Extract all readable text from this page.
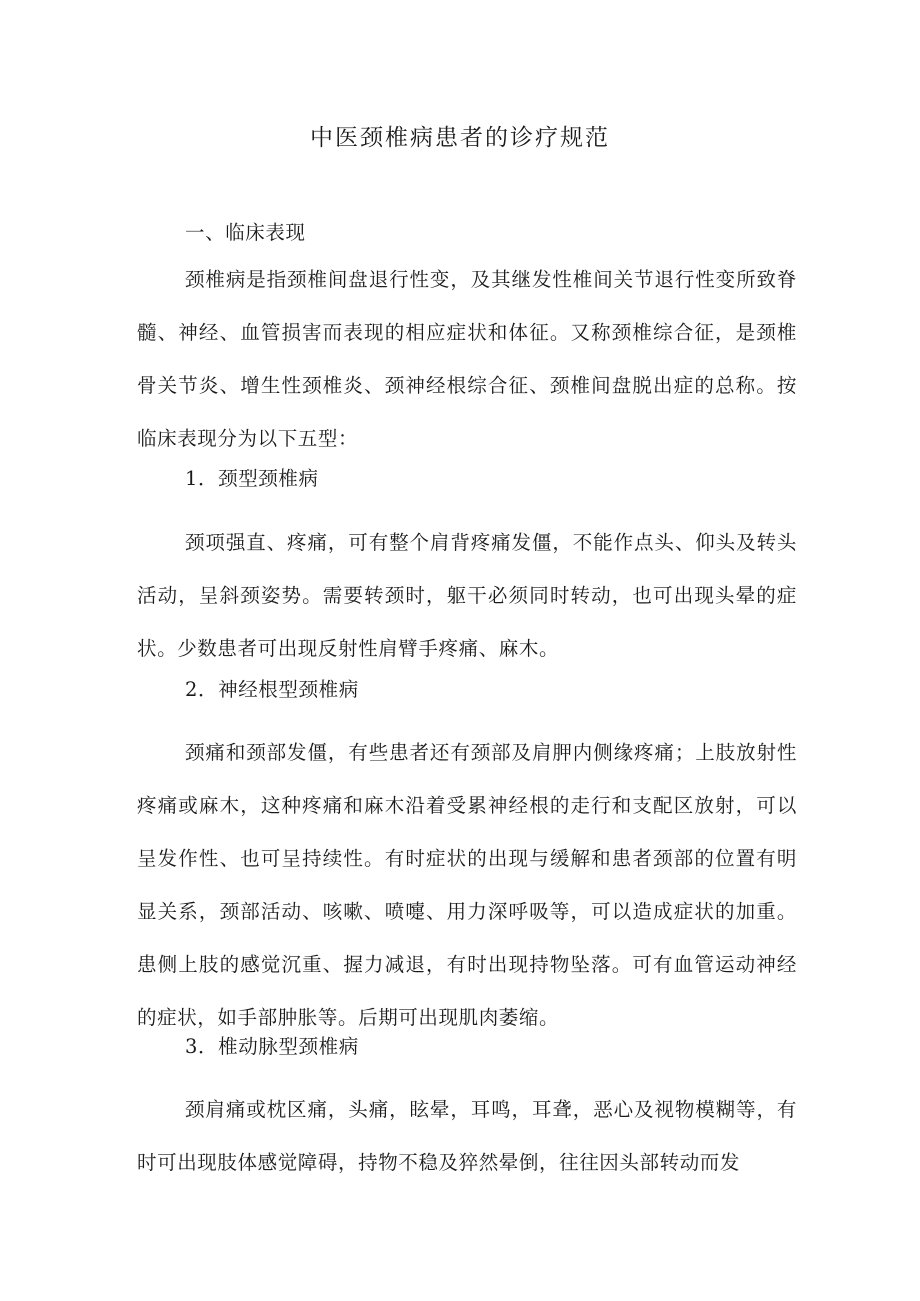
中医颈椎病患者的诊疗规范

一、临床表现

颈椎病是指颈椎间盘退行性变，及其继发性椎间关节退行性变所致脊髓、神经、血管损害而表现的相应症状和体征。又称颈椎综合征，是颈椎骨关节炎、增生性颈椎炎、颈神经根综合征、颈椎间盘脱出症的总称。按临床表现分为以下五型：

1．颈型颈椎病

颈项强直、疼痛，可有整个肩背疼痛发僵，不能作点头、仰头及转头活动，呈斜颈姿势。需要转颈时，躯干必须同时转动，也可出现头晕的症状。少数患者可出现反射性肩臂手疼痛、麻木。

2．神经根型颈椎病

颈痛和颈部发僵，有些患者还有颈部及肩胛内侧缘疼痛；上肢放射性疼痛或麻木，这种疼痛和麻木沿着受累神经根的走行和支配区放射，可以呈发作性、也可呈持续性。有时症状的出现与缓解和患者颈部的位置有明显关系，颈部活动、咳嗽、喷嚏、用力深呼吸等，可以造成症状的加重。患侧上肢的感觉沉重、握力减退，有时出现持物坠落。可有血管运动神经的症状，如手部肿胀等。后期可出现肌肉萎缩。

3．椎动脉型颈椎病

颈肩痛或枕区痛，头痛，眩晕，耳鸣，耳聋，恶心及视物模糊等，有时可出现肢体感觉障碍，持物不稳及猝然晕倒，往往因头部转动而发
